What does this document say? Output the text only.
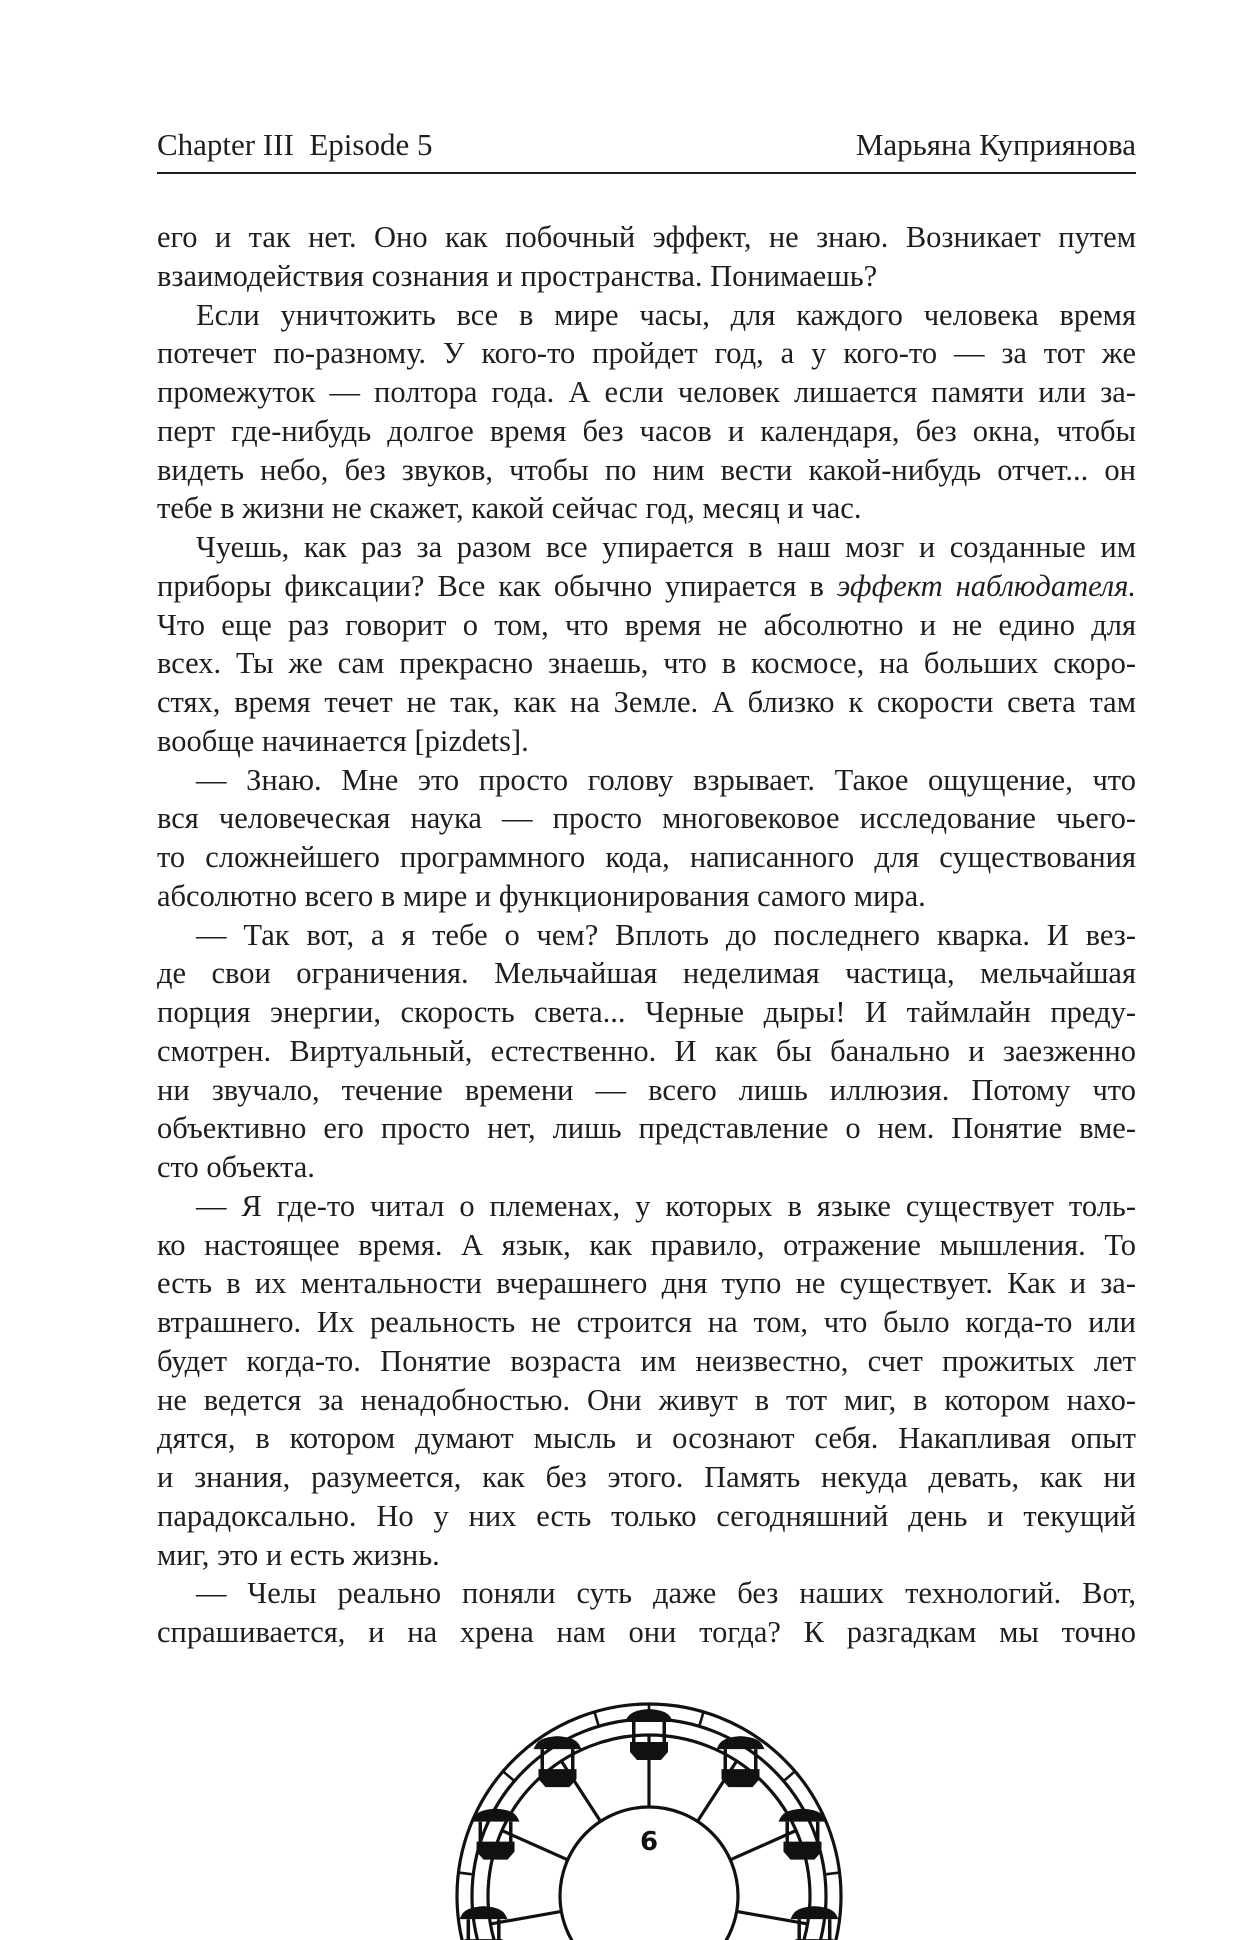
Chapter III  Episode 5	Марьяна Куприянова
его и так нет. Оно как побочный эффект, не знаю. Возникает путем
взаимодействия сознания и пространства. Понимаешь?
Если уничтожить все в мире часы, для каждого человека время
потечет по-разному. У кого-то пройдет год, а у кого-то — за тот же
промежуток — полтора года. А если человек лишается памяти или за-
перт где-нибудь долгое время без часов и календаря, без окна, чтобы
видеть небо, без звуков, чтобы по ним вести какой-нибудь отчет... он
тебе в жизни не скажет, какой сейчас год, месяц и час.
Чуешь, как раз за разом все упирается в наш мозг и созданные им
приборы фиксации? Все как обычно упирается в эффект наблюдателя.
Что еще раз говорит о том, что время не абсолютно и не едино для
всех. Ты же сам прекрасно знаешь, что в космосе, на больших скоро-
стях, время течет не так, как на Земле. А близко к скорости света там
вообще начинается [pizdets].
— Знаю. Мне это просто голову взрывает. Такое ощущение, что
вся человеческая наука — просто многовековое исследование чьего-
то сложнейшего программного кода, написанного для существования
абсолютно всего в мире и функционирования самого мира.
— Так вот, а я тебе о чем? Вплоть до последнего кварка. И вез-
де свои ограничения. Мельчайшая неделимая частица, мельчайшая
порция энергии, скорость света... Черные дыры! И таймлайн преду-
смотрен. Виртуальный, естественно. И как бы банально и заезженно
ни звучало, течение времени — всего лишь иллюзия. Потому что
объективно его просто нет, лишь представление о нем. Понятие вме-
сто объекта.
— Я где-то читал о племенах, у которых в языке существует толь-
ко настоящее время. А язык, как правило, отражение мышления. То
есть в их ментальности вчерашнего дня тупо не существует. Как и за-
втрашнего. Их реальность не строится на том, что было когда-то или
будет когда-то. Понятие возраста им неизвестно, счет прожитых лет
не ведется за ненадобностью. Они живут в тот миг, в котором нахо-
дятся, в котором думают мысль и осознают себя. Накапливая опыт
и знания, разумеется, как без этого. Память некуда девать, как ни
парадоксально. Но у них есть только сегодняшний день и текущий
миг, это и есть жизнь.
— Челы реально поняли суть даже без наших технологий. Вот,
спрашивается, и на хрена нам они тогда? К разгадкам мы точно
6
